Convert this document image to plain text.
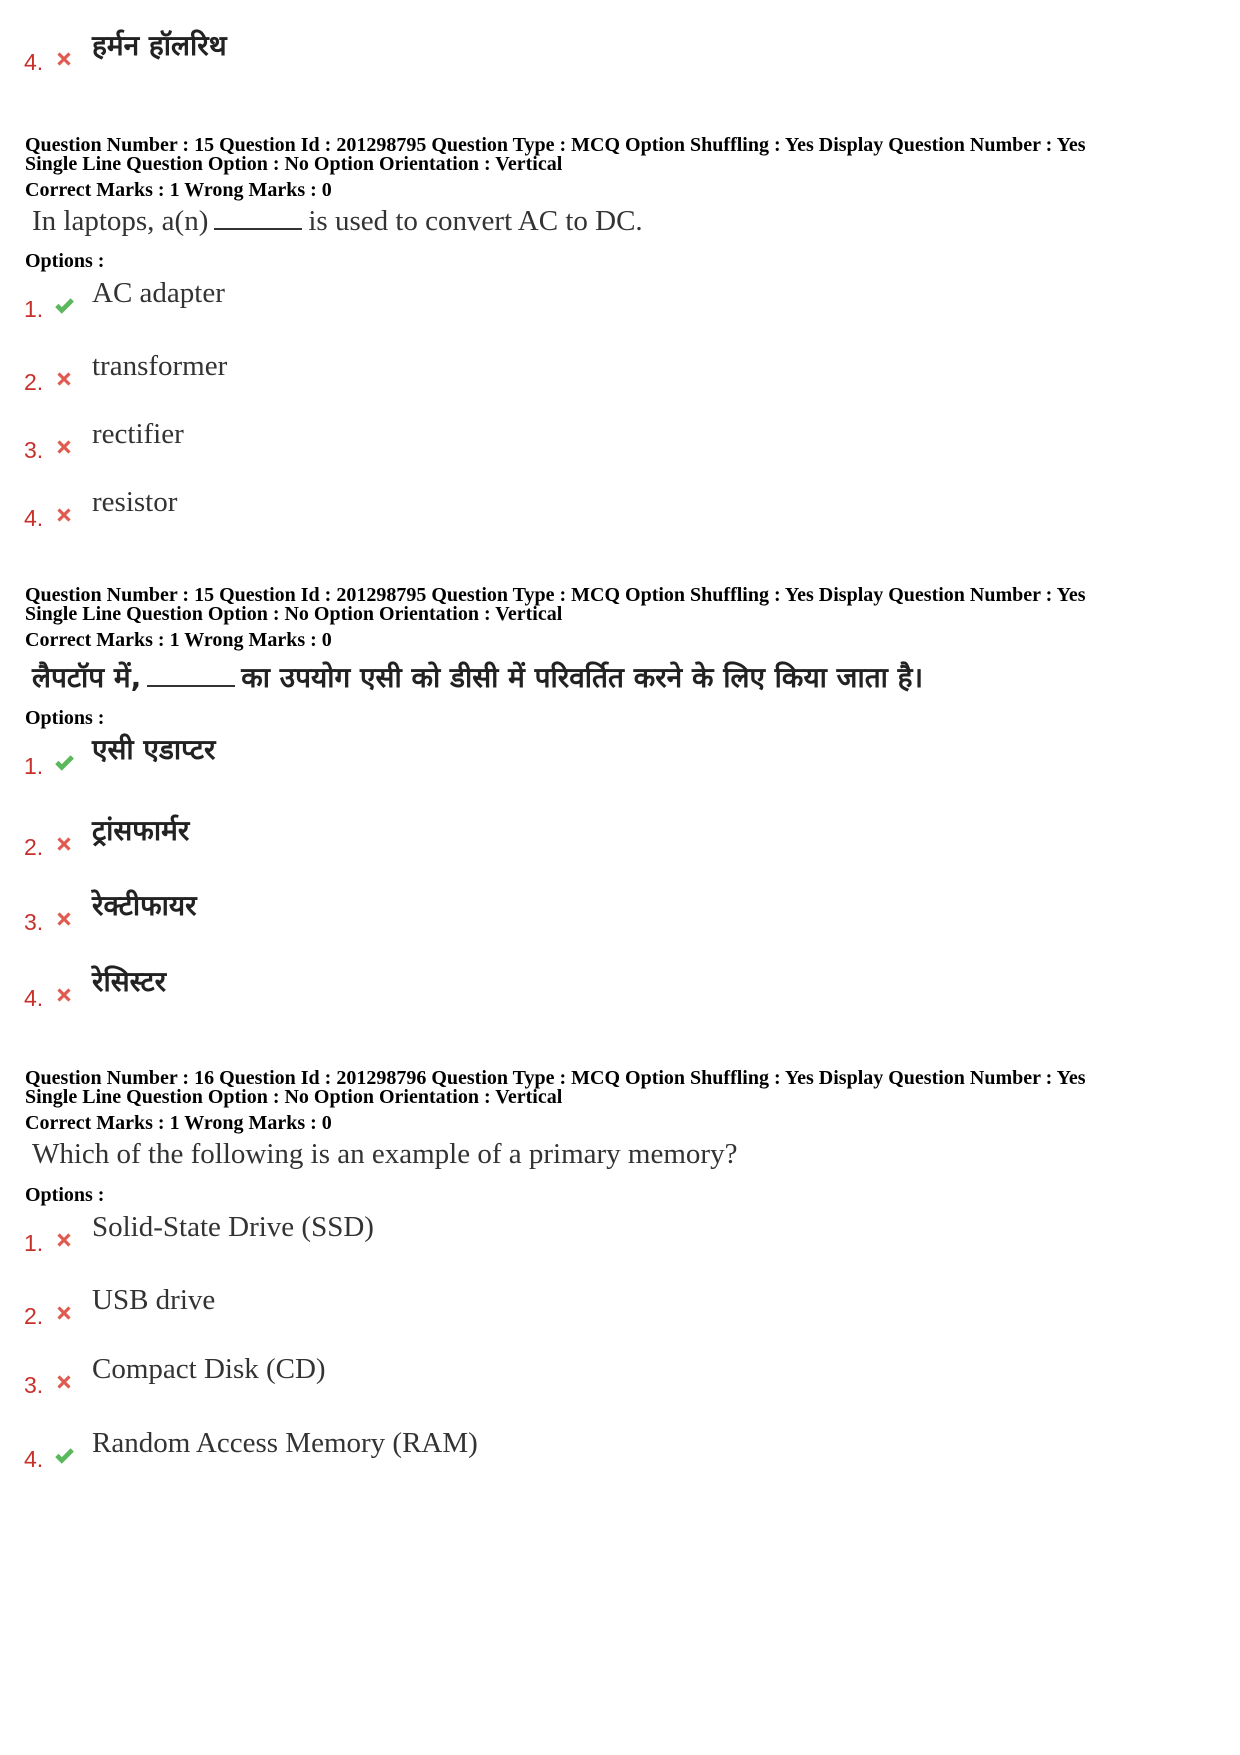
4. हर्मन हॉलरिथ
Question Number : 15 Question Id : 201298795 Question Type : MCQ Option Shuffling : Yes Display Question Number : Yes
Single Line Question Option : No Option Orientation : Vertical
Correct Marks : 1 Wrong Marks : 0
In laptops, a(n)	is used to convert AC to DC.
Options :
1. AC adapter
2. transformer
3. rectifier
4. resistor
Question Number : 15 Question Id : 201298795 Question Type : MCQ Option Shuffling : Yes Display Question Number : Yes
Single Line Question Option : No Option Orientation : Vertical
Correct Marks : 1 Wrong Marks : 0
लैपटॉप में,	का उपयोग एसी को डीसी में परिवर्तित करने के लिए किया जाता है।
Options :
1. एसी एडाप्टर
2. ट्रांसफार्मर
3. रेक्टीफायर
4. रेसिस्टर
Question Number : 16 Question Id : 201298796 Question Type : MCQ Option Shuffling : Yes Display Question Number : Yes
Single Line Question Option : No Option Orientation : Vertical
Correct Marks : 1 Wrong Marks : 0
Which of the following is an example of a primary memory?
Options :
1. Solid-State Drive (SSD)
2. USB drive
3. Compact Disk (CD)
4. Random Access Memory (RAM)
